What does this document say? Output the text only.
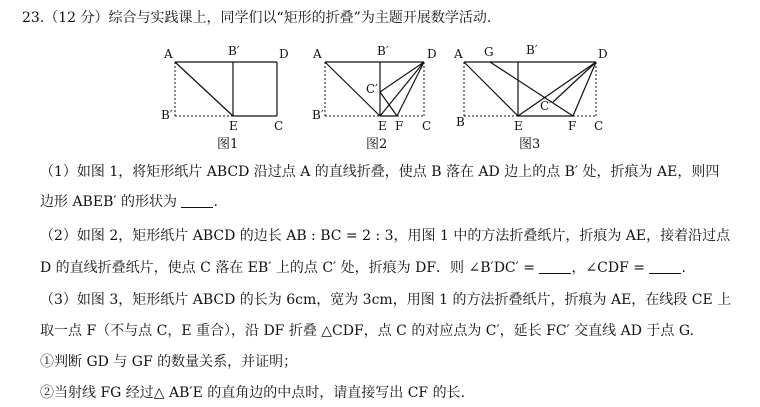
23.（12 分）综合与实践课上，同学们以“矩形的折叠”为主题开展数学活动.
A	B′	D
B′
E	C
图1
A	B′	D
C′
B′
E F C
图2
A G	B′	D
C′
B	E	F C
图3
（1）如图 1，将矩形纸片 ABCD 沿过点 A 的直线折叠，使点 B 落在 AD 边上的点 B′ 处，折痕为 AE，则四
边形 ABEB′ 的形状为	.
（2）如图 2，矩形纸片 ABCD 的边长 AB : BC = 2 : 3，用图 1 中的方法折叠纸片，折痕为 AE，接着沿过点
D 的直线折叠纸片，使点 C 落在 EB′ 上的点 C′ 处，折痕为 DF．则 ∠B′DC′ =	，∠CDF =	.
（3）如图 3，矩形纸片 ABCD 的长为 6cm，宽为 3cm，用图 1 的方法折叠纸片，折痕为 AE，在线段 CE 上
取一点 F（不与点 C，E 重合），沿 DF 折叠 △CDF，点 C 的对应点为 C′，延长 FC′ 交直线 AD 于点 G.
①判断 GD 与 GF 的数量关系，并证明；
②当射线 FG 经过△ AB′E 的直角边的中点时，请直接写出 CF 的长.
